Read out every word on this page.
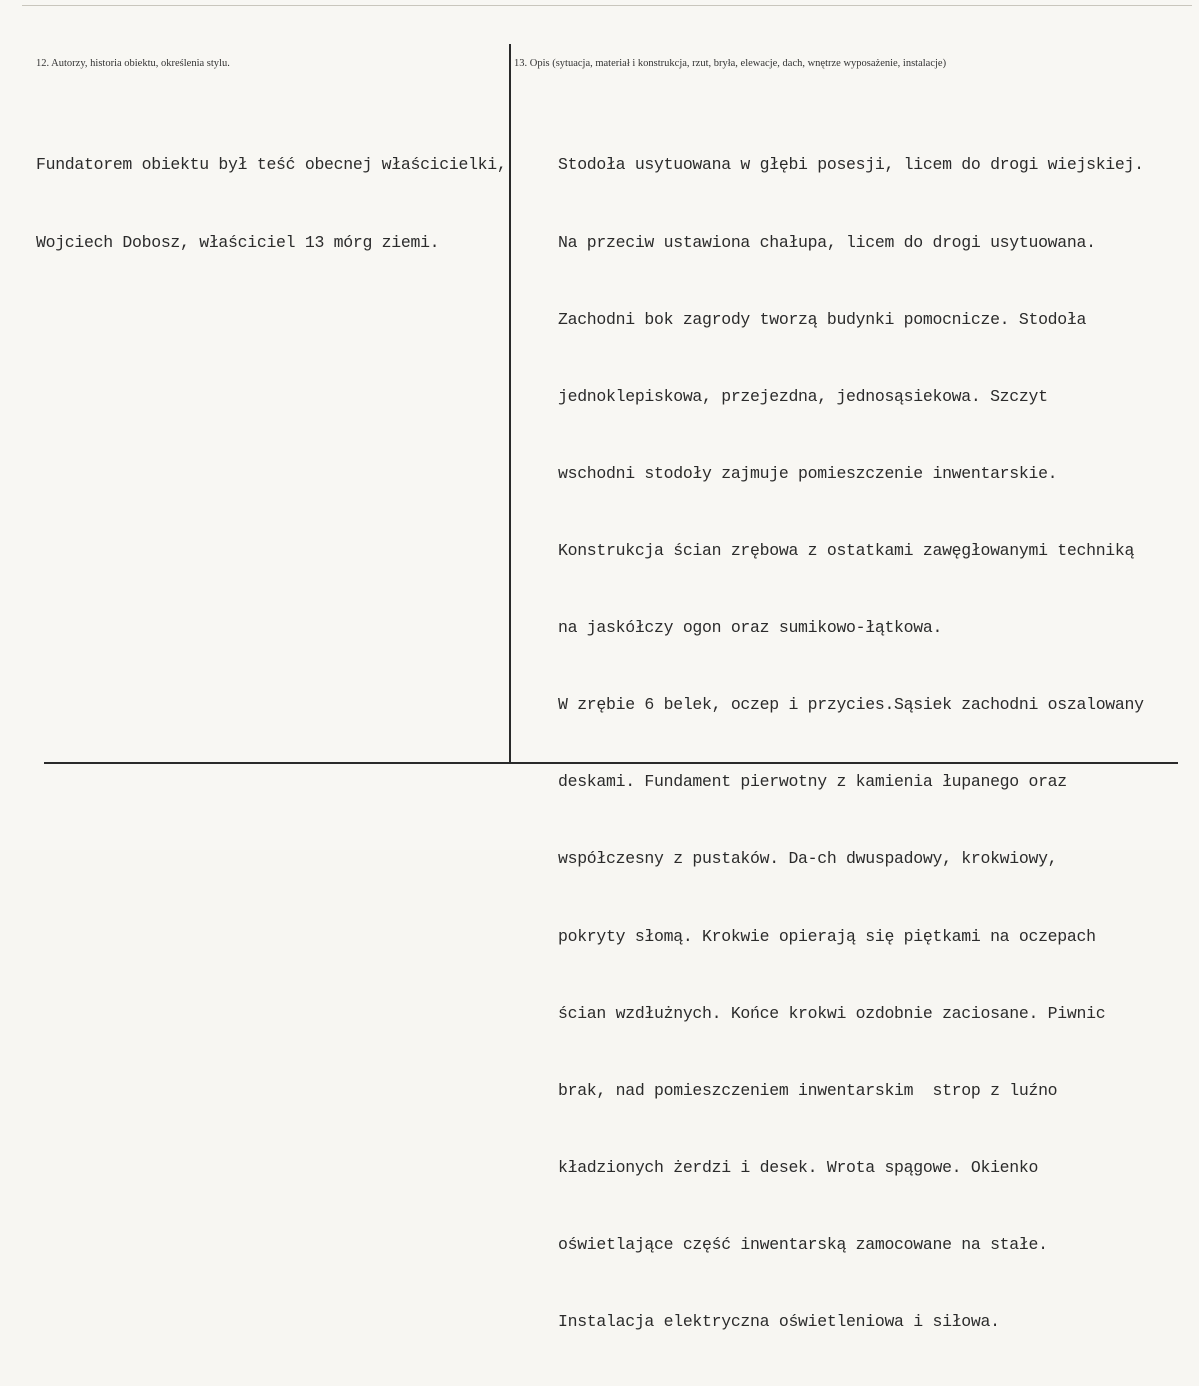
12. Autorzy, historia obiektu, określenia stylu.	13. Opis (sytuacja, materiał i konstrukcja, rzut, bryła, elewacje, dach, wnętrze wyposażenie, instalacje)

Fundatorem obiektu był teść obecnej właścicielki,

Wojciech Dobosz, właściciel 13 mórg ziemi.

Stodoła usytuowana w głębi posesji, licem do drogi wiejskiej.

Na przeciw ustawiona chałupa, licem do drogi usytuowana.

Zachodni bok zagrody tworzą budynki pomocnicze. Stodoła

jednoklepiskowa, przejezdna, jednosąsiekowa. Szczyt

wschodni stodoły zajmuje pomieszczenie inwentarskie.

Konstrukcja ścian zrębowa z ostatkami zawęgłowanymi techniką

na jaskółczy ogon oraz sumikowo-łątkowa.

W zrębie 6 belek, oczep i przycies.Sąsiek zachodni oszalowany

deskami. Fundament pierwotny z kamienia łupanego oraz

współczesny z pustaków. Da-ch dwuspadowy, krokwiowy,

pokryty słomą. Krokwie opierają się piętkami na oczepach

ścian wzdłużnych. Końce krokwi ozdobnie zaciosane. Piwnic

brak, nad pomieszczeniem inwentarskim  strop z luźno

kładzionych żerdzi i desek. Wrota spągowe. Okienko

oświetlające część inwentarską zamocowane na stałe.

Instalacja elektryczna oświetleniowa i siłowa.
